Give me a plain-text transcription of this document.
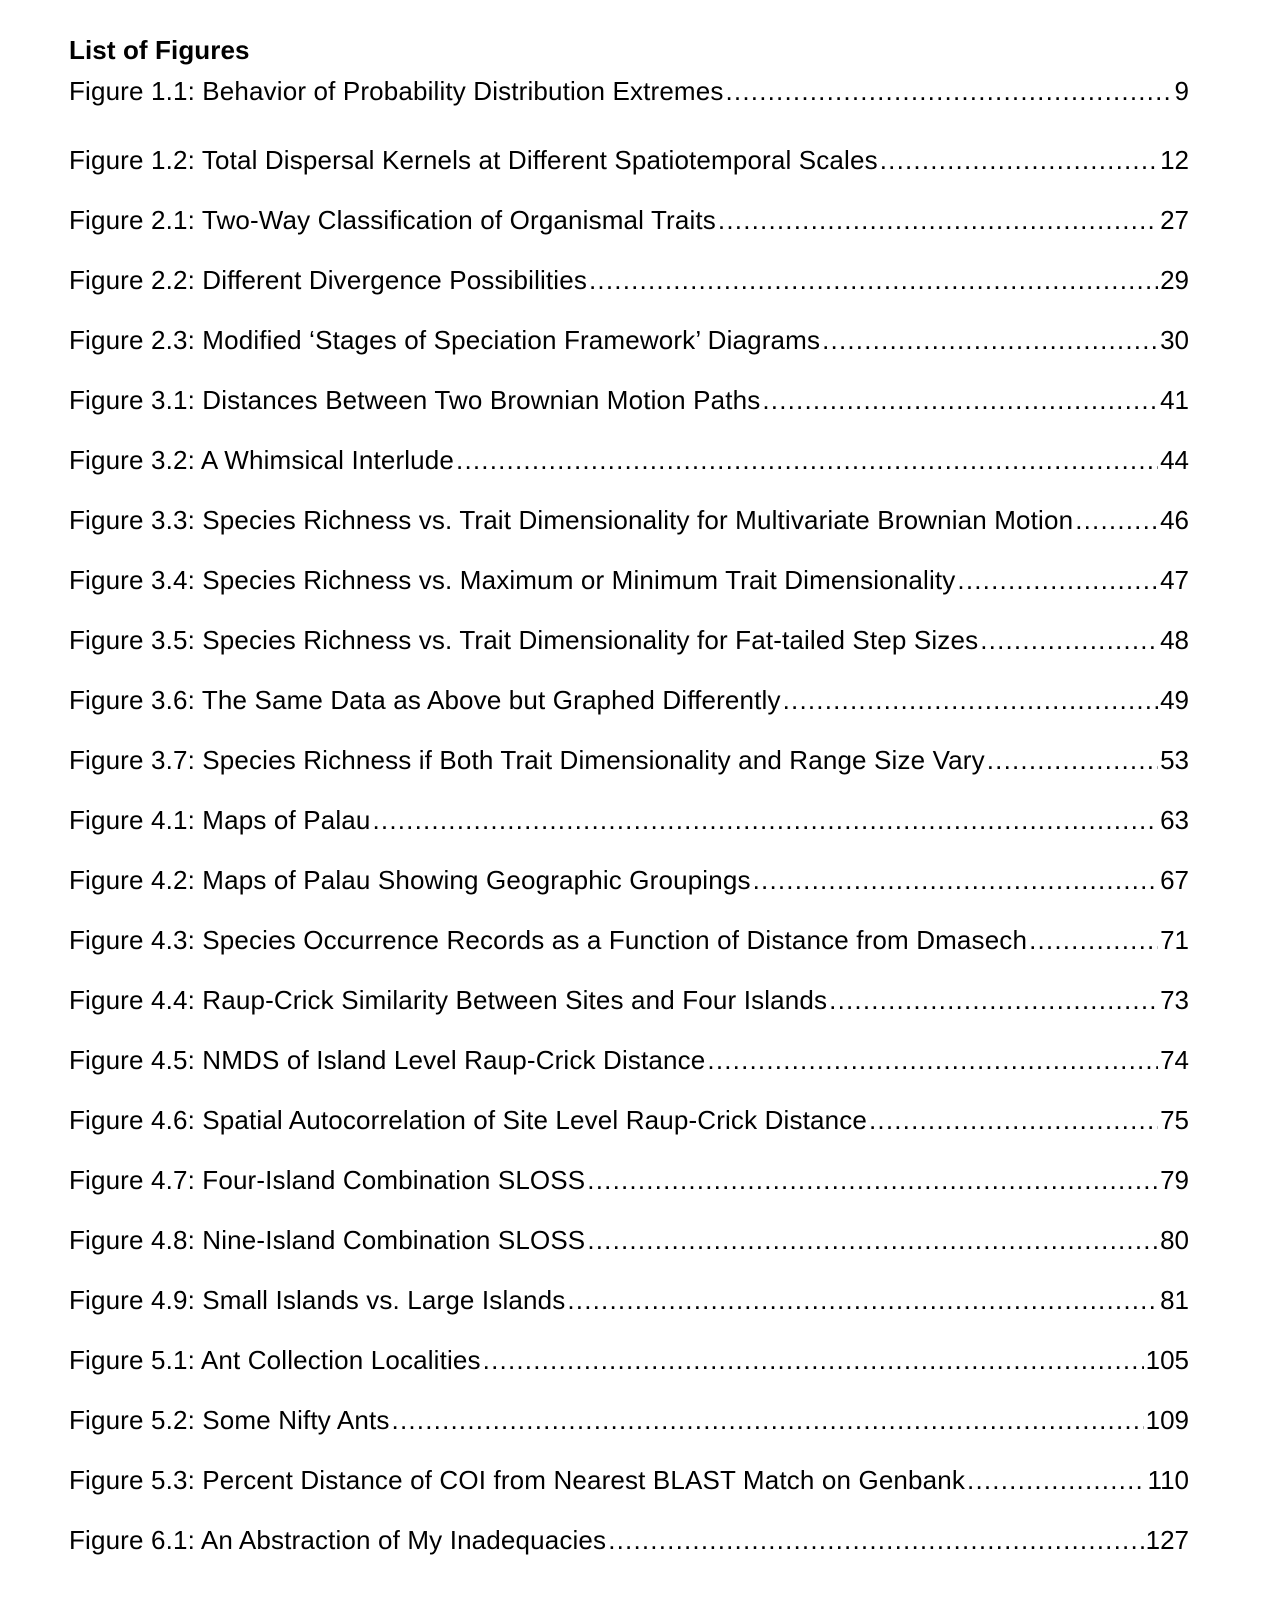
List of Figures
Figure 1.1: Behavior of Probability Distribution Extremes .....	9
Figure 1.2: Total Dispersal Kernels at Different Spatiotemporal Scales .....	12
Figure 2.1: Two-Way Classification of Organismal Traits .....	27
Figure 2.2: Different Divergence Possibilities .....	29
Figure 2.3: Modified ‘Stages of Speciation Framework’ Diagrams .....	30
Figure 3.1: Distances Between Two Brownian Motion Paths .....	41
Figure 3.2: A Whimsical Interlude .....	44
Figure 3.3: Species Richness vs. Trait Dimensionality for Multivariate Brownian Motion .....	46
Figure 3.4: Species Richness vs. Maximum or Minimum Trait Dimensionality .....	47
Figure 3.5: Species Richness vs. Trait Dimensionality for Fat-tailed Step Sizes .....	48
Figure 3.6: The Same Data as Above but Graphed Differently .....	49
Figure 3.7: Species Richness if Both Trait Dimensionality and Range Size Vary .....	53
Figure 4.1: Maps of Palau .....	63
Figure 4.2: Maps of Palau Showing Geographic Groupings .....	67
Figure 4.3: Species Occurrence Records as a Function of Distance from Dmasech .....	71
Figure 4.4: Raup-Crick Similarity Between Sites and Four Islands .....	73
Figure 4.5: NMDS of Island Level Raup-Crick Distance .....	74
Figure 4.6: Spatial Autocorrelation of Site Level Raup-Crick Distance .....	75
Figure 4.7: Four-Island Combination SLOSS .....	79
Figure 4.8: Nine-Island Combination SLOSS .....	80
Figure 4.9: Small Islands vs. Large Islands .....	81
Figure 5.1: Ant Collection Localities .....	105
Figure 5.2: Some Nifty Ants .....	109
Figure 5.3: Percent Distance of COI from Nearest BLAST Match on Genbank .....	110
Figure 6.1: An Abstraction of My Inadequacies .....	127
